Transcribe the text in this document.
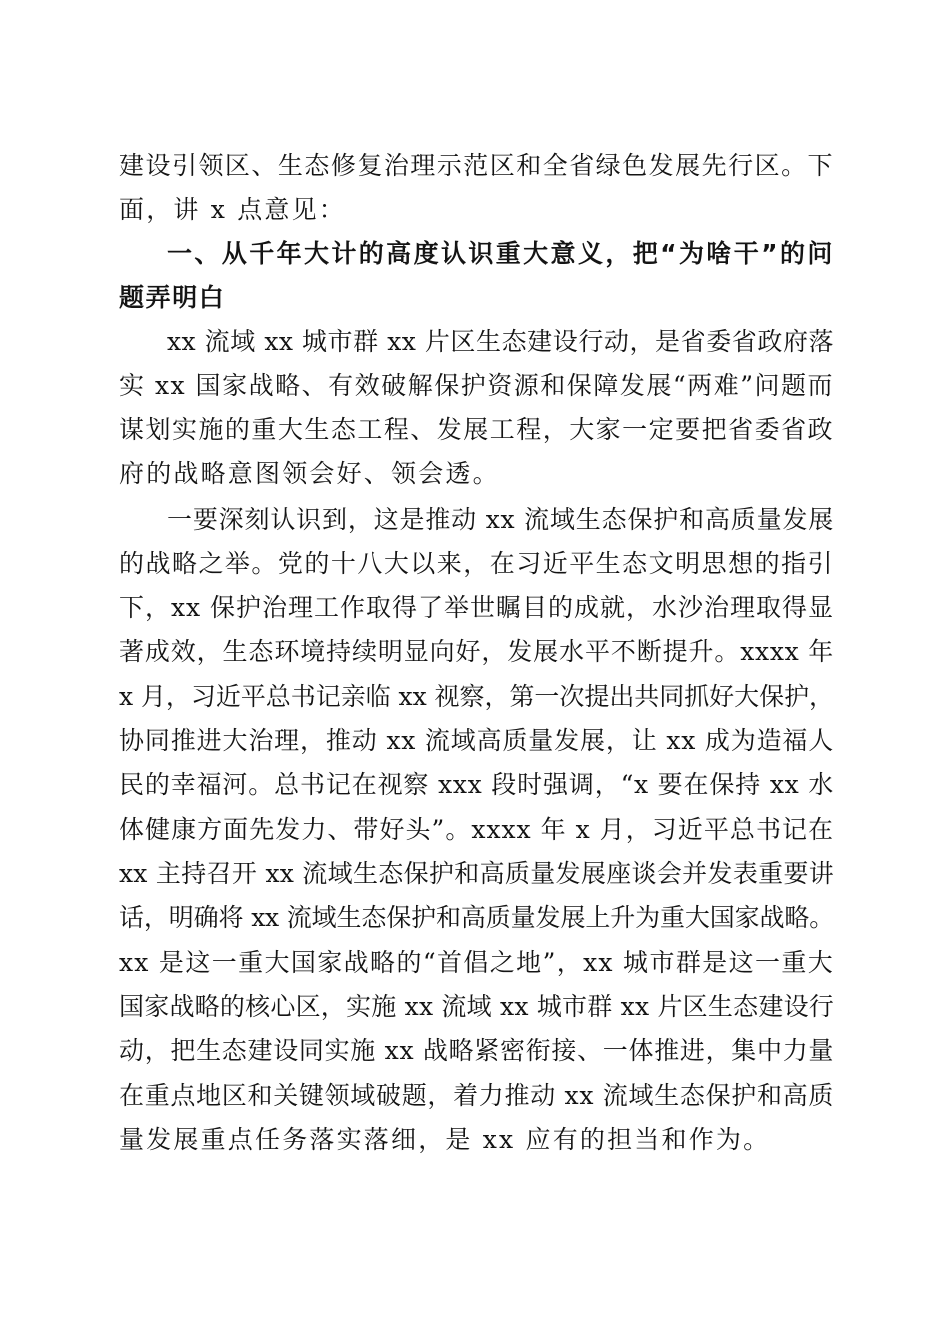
建设引领区、生态修复治理示范区和全省绿色发展先行区。下

面，讲 x 点意见：

一、从千年大计的高度认识重大意义，把“为啥干”的问

题弄明白

xx 流域 xx 城市群 xx 片区生态建设行动，是省委省政府落

实 xx 国家战略、有效破解保护资源和保障发展“两难”问题而

谋划实施的重大生态工程、发展工程，大家一定要把省委省政

府的战略意图领会好、领会透。

一要深刻认识到，这是推动 xx 流域生态保护和高质量发展

的战略之举。党的十八大以来，在习近平生态文明思想的指引

下，xx 保护治理工作取得了举世瞩目的成就，水沙治理取得显

著成效，生态环境持续明显向好，发展水平不断提升。xxxx 年

x 月，习近平总书记亲临 xx 视察，第一次提出共同抓好大保护，

协同推进大治理，推动 xx 流域高质量发展，让 xx 成为造福人

民的幸福河。总书记在视察 xxx 段时强调，“x 要在保持 xx 水

体健康方面先发力、带好头”。xxxx 年 x 月，习近平总书记在

xx 主持召开 xx 流域生态保护和高质量发展座谈会并发表重要讲

话，明确将 xx 流域生态保护和高质量发展上升为重大国家战略。

xx 是这一重大国家战略的“首倡之地”，xx 城市群是这一重大

国家战略的核心区，实施 xx 流域 xx 城市群 xx 片区生态建设行

动，把生态建设同实施 xx 战略紧密衔接、一体推进，集中力量

在重点地区和关键领域破题，着力推动 xx 流域生态保护和高质

量发展重点任务落实落细，是 xx 应有的担当和作为。
